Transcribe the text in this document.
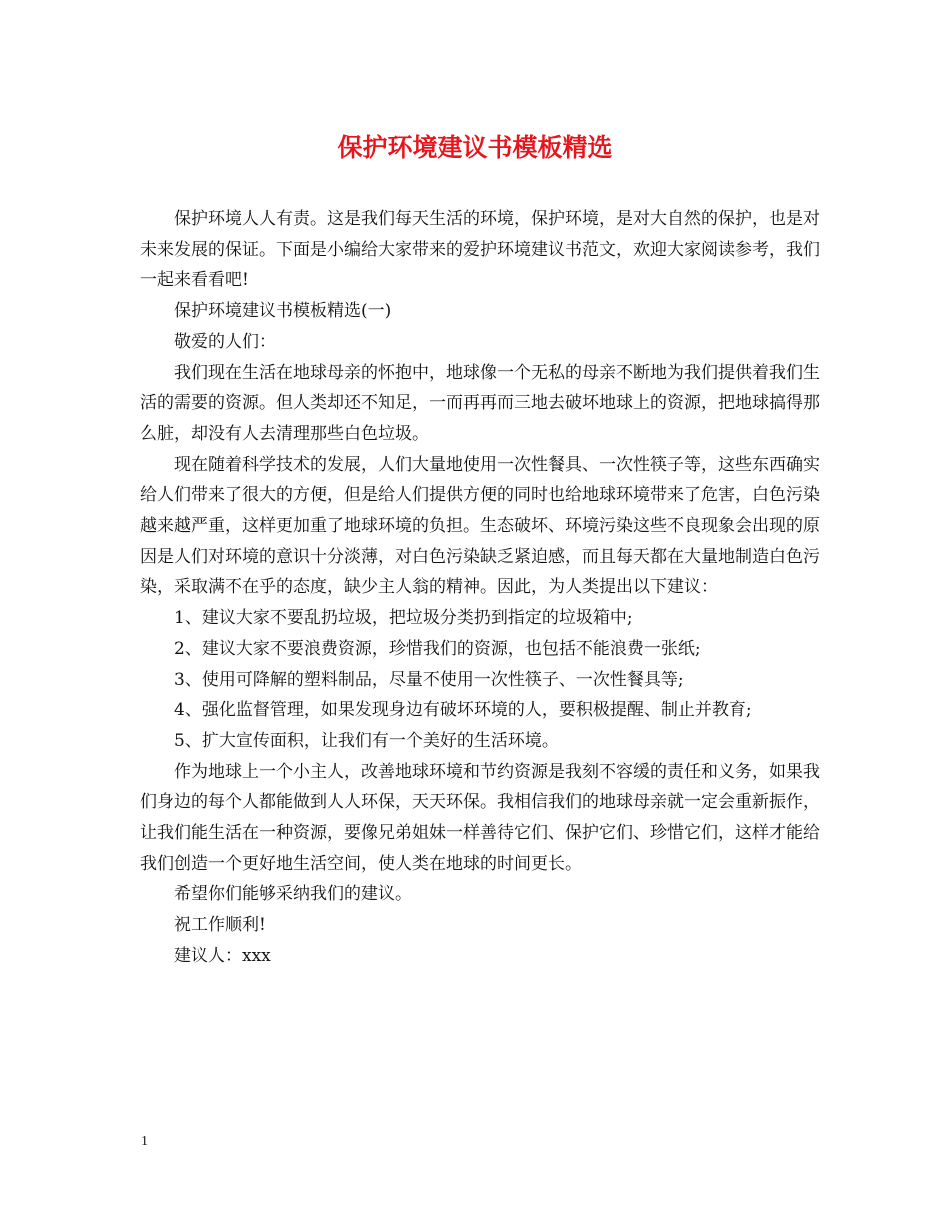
保护环境建议书模板精选

保护环境人人有责。这是我们每天生活的环境，保护环境，是对大自然的保护，也是对未来发展的保证。下面是小编给大家带来的爱护环境建议书范文，欢迎大家阅读参考，我们一起来看看吧!

保护环境建议书模板精选(一)

敬爱的人们：

我们现在生活在地球母亲的怀抱中，地球像一个无私的母亲不断地为我们提供着我们生活的需要的资源。但人类却还不知足，一而再再而三地去破坏地球上的资源，把地球搞得那么脏，却没有人去清理那些白色垃圾。

现在随着科学技术的发展，人们大量地使用一次性餐具、一次性筷子等，这些东西确实给人们带来了很大的方便，但是给人们提供方便的同时也给地球环境带来了危害，白色污染越来越严重，这样更加重了地球环境的负担。生态破坏、环境污染这些不良现象会出现的原因是人们对环境的意识十分淡薄，对白色污染缺乏紧迫感，而且每天都在大量地制造白色污染，采取满不在乎的态度，缺少主人翁的精神。因此，为人类提出以下建议：

1、建议大家不要乱扔垃圾，把垃圾分类扔到指定的垃圾箱中;

2、建议大家不要浪费资源，珍惜我们的资源，也包括不能浪费一张纸;

3、使用可降解的塑料制品，尽量不使用一次性筷子、一次性餐具等;

4、强化监督管理，如果发现身边有破坏环境的人，要积极提醒、制止并教育;

5、扩大宣传面积，让我们有一个美好的生活环境。

作为地球上一个小主人，改善地球环境和节约资源是我刻不容缓的责任和义务，如果我们身边的每个人都能做到人人环保，天天环保。我相信我们的地球母亲就一定会重新振作，让我们能生活在一种资源，要像兄弟姐妹一样善待它们、保护它们、珍惜它们，这样才能给我们创造一个更好地生活空间，使人类在地球的时间更长。

希望你们能够采纳我们的建议。

祝工作顺利!

建议人：xxx

1
